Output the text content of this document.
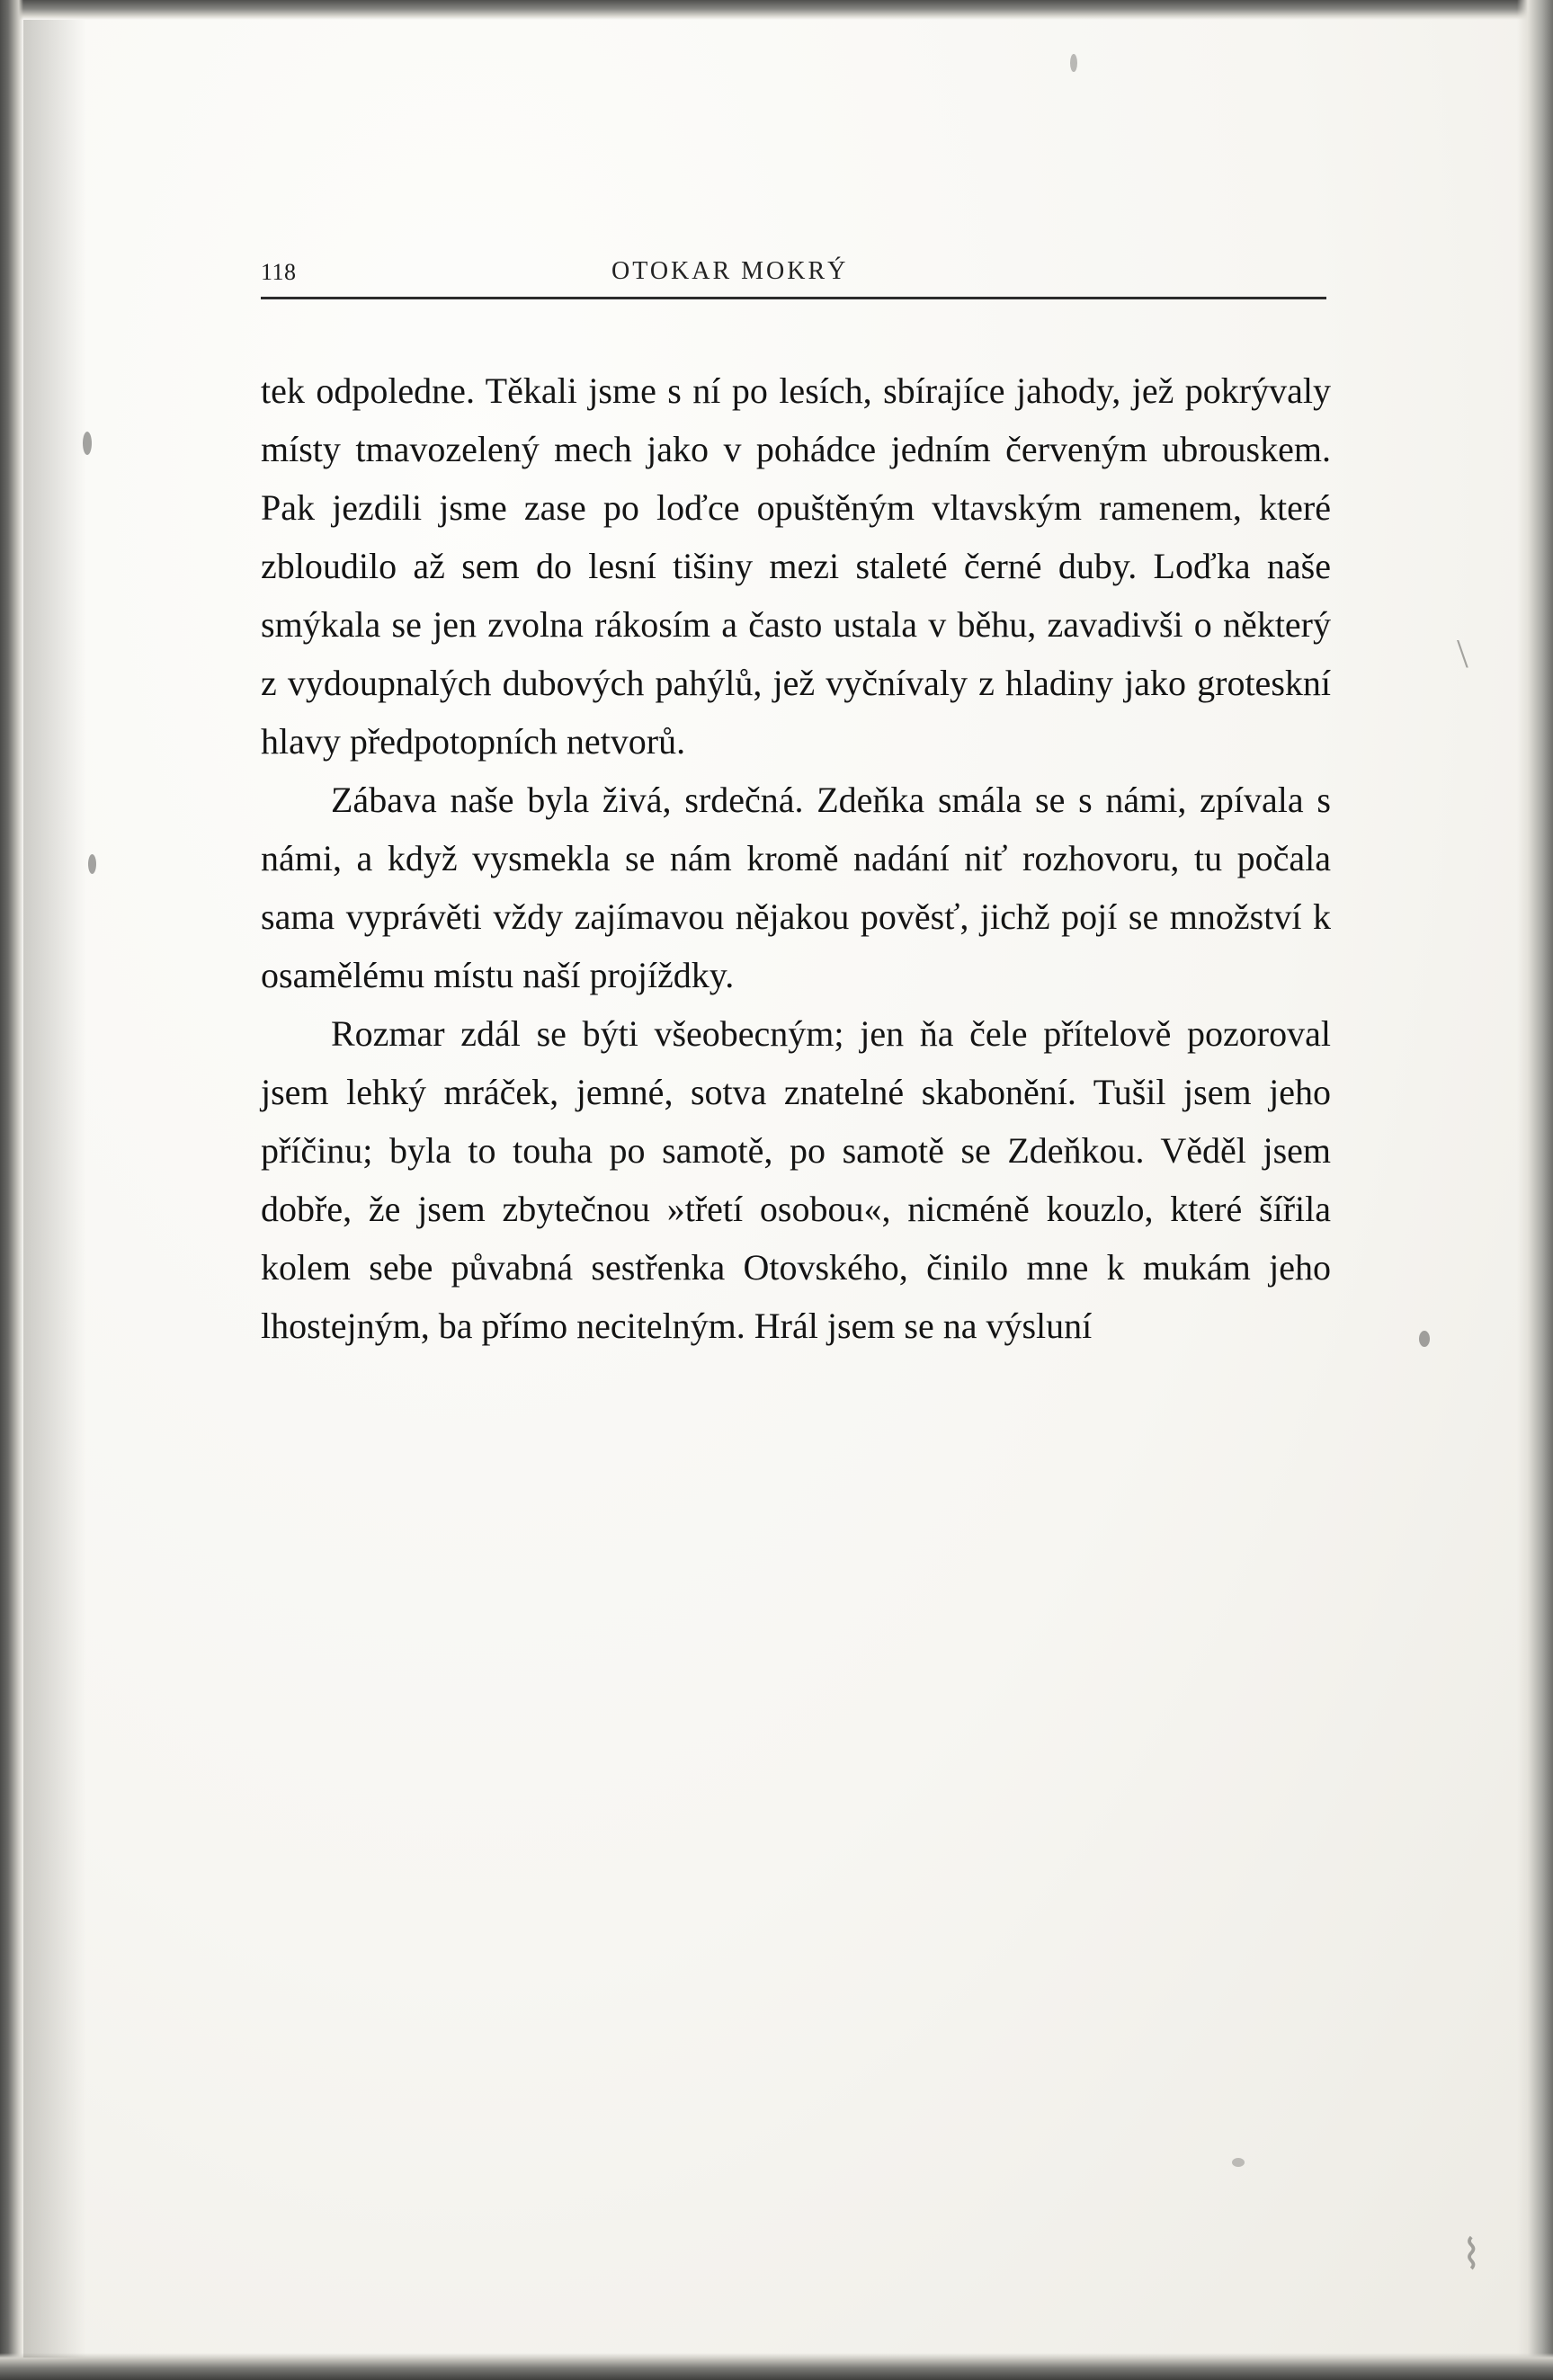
\
⌇
118	OTOKAR MOKRÝ

tek odpoledne. Těkali jsme s ní po lesích, sbírajíce jahody, jež pokrývaly místy tmavozelený mech jako v pohádce jedním červeným ubrouskem. Pak jezdili jsme zase po loďce opuštěným vltavským ramenem, které zbloudilo až sem do lesní tišiny mezi staleté černé duby. Loďka naše smýkala se jen zvolna rákosím a často ustala v běhu, zavadivši o některý z vydoupnalých dubových pahýlů, jež vyčnívaly z hladiny jako groteskní hlavy předpotopních netvorů.

Zábava naše byla živá, srdečná. Zdeňka smála se s námi, zpívala s námi, a když vysmekla se nám kromě nadání niť rozhovoru, tu počala sama vyprávěti vždy zajímavou nějakou pověsť, jichž pojí se množství k osamělému místu naší projíždky.

Rozmar zdál se býti všeobecným; jen ňa čele přítelově pozoroval jsem lehký mráček, jemné, sotva znatelné skabonění. Tušil jsem jeho příčinu; byla to touha po samotě, po samotě se Zdeňkou. Věděl jsem dobře, že jsem zbytečnou »třetí osobou«, nicméně kouzlo, které šířila kolem sebe půvabná sestřenka Otovského, činilo mne k mukám jeho lhostejným, ba přímo necitelným. Hrál jsem se na výsluní
